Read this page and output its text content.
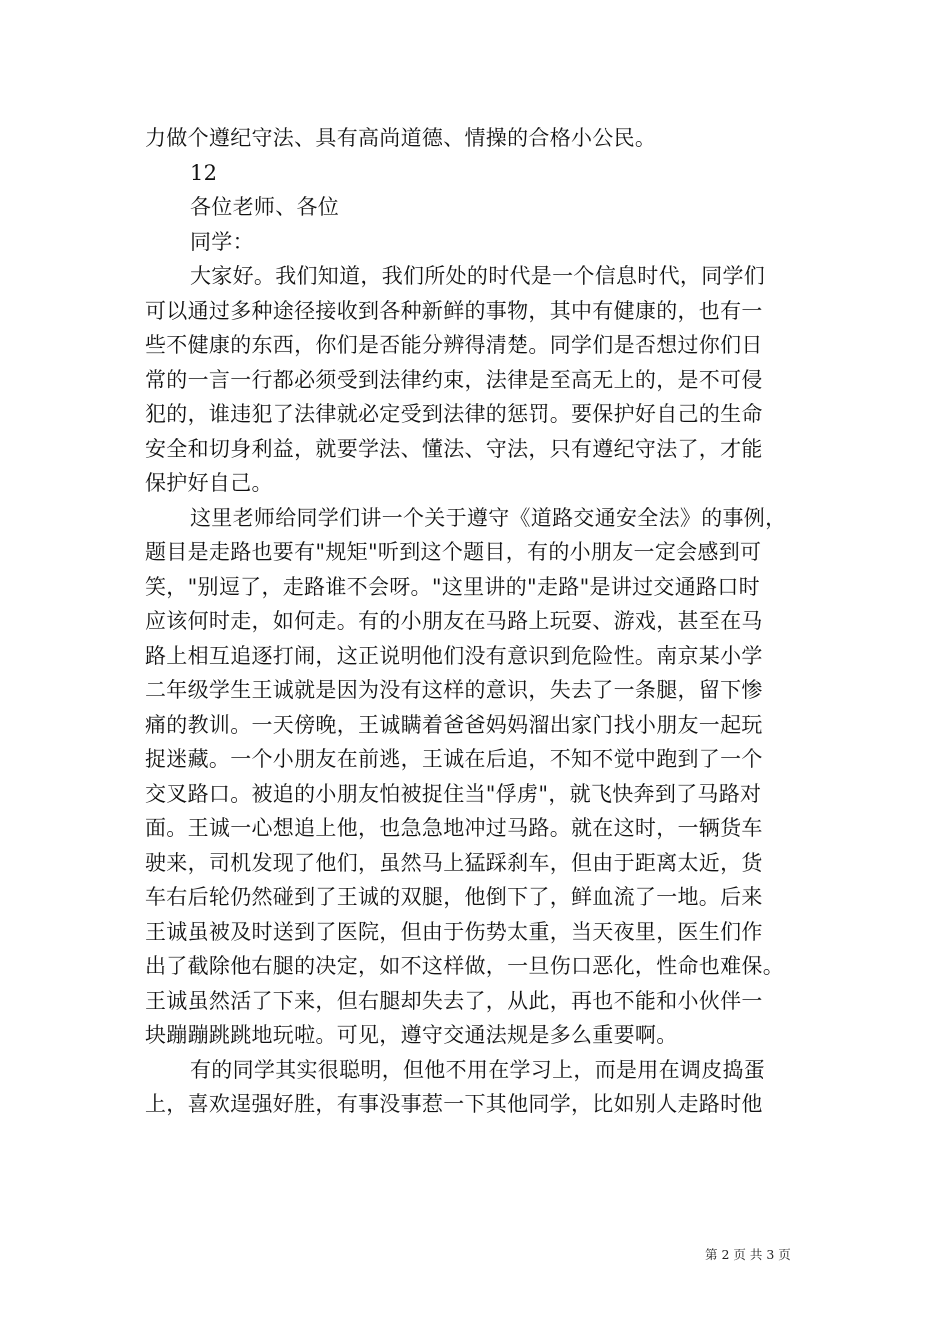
力做个遵纪守法、具有高尚道德、情操的合格小公民。
12
各位老师、各位
同学：
大家好。我们知道，我们所处的时代是一个信息时代，同学们
可以通过多种途径接收到各种新鲜的事物，其中有健康的，也有一
些不健康的东西，你们是否能分辨得清楚。同学们是否想过你们日
常的一言一行都必须受到法律约束，法律是至高无上的，是不可侵
犯的，谁违犯了法律就必定受到法律的惩罚。要保护好自己的生命
安全和切身利益，就要学法、懂法、守法，只有遵纪守法了，才能
保护好自己。
这里老师给同学们讲一个关于遵守《道路交通安全法》的事例，
题目是走路也要有"规矩"听到这个题目，有的小朋友一定会感到可
笑，"别逗了，走路谁不会呀。"这里讲的"走路"是讲过交通路口时
应该何时走，如何走。有的小朋友在马路上玩耍、游戏，甚至在马
路上相互追逐打闹，这正说明他们没有意识到危险性。南京某小学
二年级学生王诚就是因为没有这样的意识，失去了一条腿，留下惨
痛的教训。一天傍晚，王诚瞒着爸爸妈妈溜出家门找小朋友一起玩
捉迷藏。一个小朋友在前逃，王诚在后追，不知不觉中跑到了一个
交叉路口。被追的小朋友怕被捉住当"俘虏"，就飞快奔到了马路对
面。王诚一心想追上他，也急急地冲过马路。就在这时，一辆货车
驶来，司机发现了他们，虽然马上猛踩刹车，但由于距离太近，货
车右后轮仍然碰到了王诚的双腿，他倒下了，鲜血流了一地。后来
王诚虽被及时送到了医院，但由于伤势太重，当天夜里，医生们作
出了截除他右腿的决定，如不这样做，一旦伤口恶化，性命也难保。
王诚虽然活了下来，但右腿却失去了，从此，再也不能和小伙伴一
块蹦蹦跳跳地玩啦。可见，遵守交通法规是多么重要啊。
有的同学其实很聪明，但他不用在学习上，而是用在调皮捣蛋
上，喜欢逞强好胜，有事没事惹一下其他同学，比如别人走路时他
第 2 页 共 3 页
